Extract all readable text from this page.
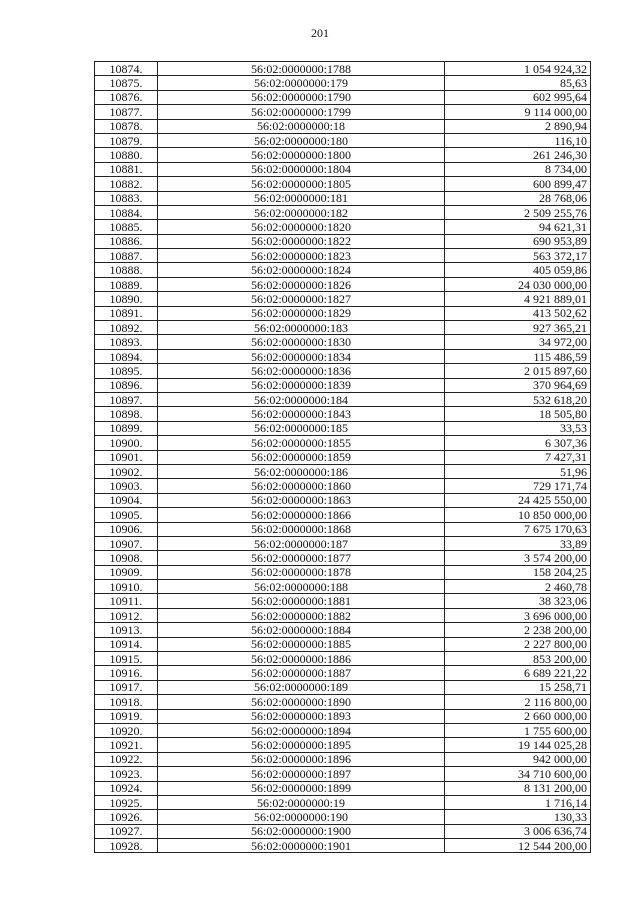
201
10874.	56:02:0000000:1788	1 054 924,32
10875.	56:02:0000000:179	85,63
10876.	56:02:0000000:1790	602 995,64
10877.	56:02:0000000:1799	9 114 000,00
10878.	56:02:0000000:18	2 890,94
10879.	56:02:0000000:180	116,10
10880.	56:02:0000000:1800	261 246,30
10881.	56:02:0000000:1804	8 734,00
10882.	56:02:0000000:1805	600 899,47
10883.	56:02:0000000:181	28 768,06
10884.	56:02:0000000:182	2 509 255,76
10885.	56:02:0000000:1820	94 621,31
10886.	56:02:0000000:1822	690 953,89
10887.	56:02:0000000:1823	563 372,17
10888.	56:02:0000000:1824	405 059,86
10889.	56:02:0000000:1826	24 030 000,00
10890.	56:02:0000000:1827	4 921 889,01
10891.	56:02:0000000:1829	413 502,62
10892.	56:02:0000000:183	927 365,21
10893.	56:02:0000000:1830	34 972,00
10894.	56:02:0000000:1834	115 486,59
10895.	56:02:0000000:1836	2 015 897,60
10896.	56:02:0000000:1839	370 964,69
10897.	56:02:0000000:184	532 618,20
10898.	56:02:0000000:1843	18 505,80
10899.	56:02:0000000:185	33,53
10900.	56:02:0000000:1855	6 307,36
10901.	56:02:0000000:1859	7 427,31
10902.	56:02:0000000:186	51,96
10903.	56:02:0000000:1860	729 171,74
10904.	56:02:0000000:1863	24 425 550,00
10905.	56:02:0000000:1866	10 850 000,00
10906.	56:02:0000000:1868	7 675 170,63
10907.	56:02:0000000:187	33,89
10908.	56:02:0000000:1877	3 574 200,00
10909.	56:02:0000000:1878	158 204,25
10910.	56:02:0000000:188	2 460,78
10911.	56:02:0000000:1881	38 323,06
10912.	56:02:0000000:1882	3 696 000,00
10913.	56:02:0000000:1884	2 238 200,00
10914.	56:02:0000000:1885	2 227 800,00
10915.	56:02:0000000:1886	853 200,00
10916.	56:02:0000000:1887	6 689 221,22
10917.	56:02:0000000:189	15 258,71
10918.	56:02:0000000:1890	2 116 800,00
10919.	56:02:0000000:1893	2 660 000,00
10920.	56:02:0000000:1894	1 755 600,00
10921.	56:02:0000000:1895	19 144 025,28
10922.	56:02:0000000:1896	942 000,00
10923.	56:02:0000000:1897	34 710 600,00
10924.	56:02:0000000:1899	8 131 200,00
10925.	56:02:0000000:19	1 716,14
10926.	56:02:0000000:190	130,33
10927.	56:02:0000000:1900	3 006 636,74
10928.	56:02:0000000:1901	12 544 200,00
